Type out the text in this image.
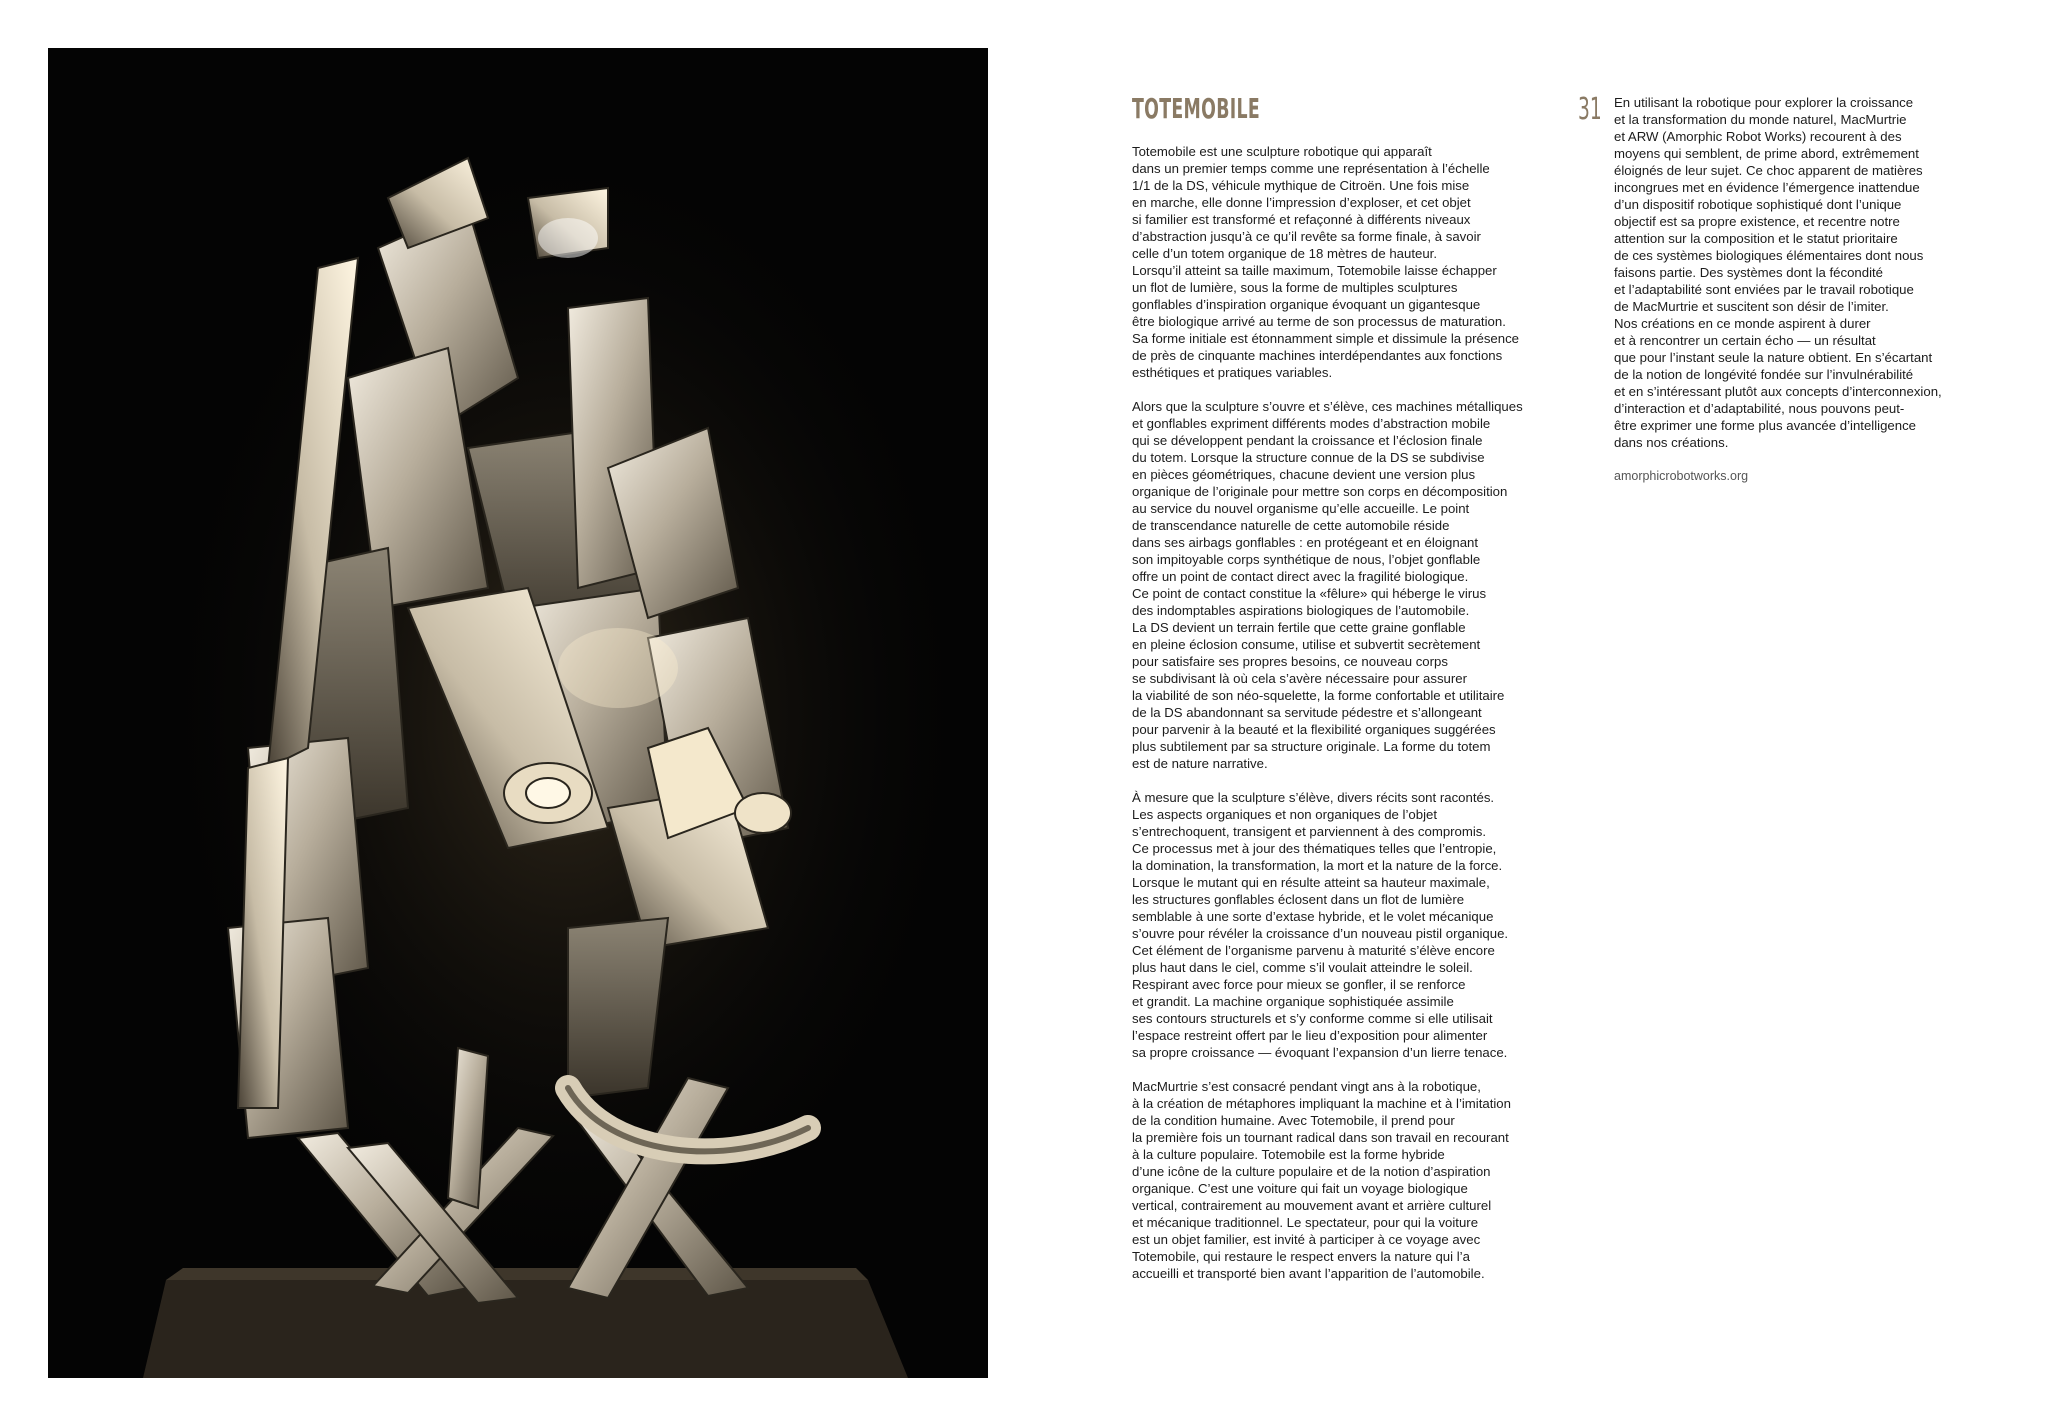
TOTEMOBILE	31

Totemobile est une sculpture robotique qui apparaît
dans un premier temps comme une représentation à l’échelle
1/1 de la DS, véhicule mythique de Citroën. Une fois mise
en marche, elle donne l’impression d’exploser, et cet objet
si familier est transformé et refaçonné à différents niveaux
d’abstraction jusqu’à ce qu’il revête sa forme finale, à savoir
celle d’un totem organique de 18 mètres de hauteur.
Lorsqu’il atteint sa taille maximum, Totemobile laisse échapper
un flot de lumière, sous la forme de multiples sculptures
gonflables d’inspiration organique évoquant un gigantesque
être biologique arrivé au terme de son processus de maturation.
Sa forme initiale est étonnamment simple et dissimule la présence
de près de cinquante machines interdépendantes aux fonctions
esthétiques et pratiques variables.

Alors que la sculpture s’ouvre et s’élève, ces machines métalliques
et gonflables expriment différents modes d’abstraction mobile
qui se développent pendant la croissance et l’éclosion finale
du totem. Lorsque la structure connue de la DS se subdivise
en pièces géométriques, chacune devient une version plus
organique de l’originale pour mettre son corps en décomposition
au service du nouvel organisme qu’elle accueille. Le point
de transcendance naturelle de cette automobile réside
dans ses airbags gonflables : en protégeant et en éloignant
son impitoyable corps synthétique de nous, l’objet gonflable
offre un point de contact direct avec la fragilité biologique.
Ce point de contact constitue la «fêlure» qui héberge le virus
des indomptables aspirations biologiques de l’automobile.
La DS devient un terrain fertile que cette graine gonflable
en pleine éclosion consume, utilise et subvertit secrètement
pour satisfaire ses propres besoins, ce nouveau corps
se subdivisant là où cela s’avère nécessaire pour assurer
la viabilité de son néo-squelette, la forme confortable et utilitaire
de la DS abandonnant sa servitude pédestre et s’allongeant
pour parvenir à la beauté et la flexibilité organiques suggérées
plus subtilement par sa structure originale. La forme du totem
est de nature narrative.

À mesure que la sculpture s’élève, divers récits sont racontés.
Les aspects organiques et non organiques de l’objet
s’entrechoquent, transigent et parviennent à des compromis.
Ce processus met à jour des thématiques telles que l’entropie,
la domination, la transformation, la mort et la nature de la force.
Lorsque le mutant qui en résulte atteint sa hauteur maximale,
les structures gonflables éclosent dans un flot de lumière
semblable à une sorte d’extase hybride, et le volet mécanique
s’ouvre pour révéler la croissance d’un nouveau pistil organique.
Cet élément de l’organisme parvenu à maturité s’élève encore
plus haut dans le ciel, comme s’il voulait atteindre le soleil.
Respirant avec force pour mieux se gonfler, il se renforce
et grandit. La machine organique sophistiquée assimile
ses contours structurels et s’y conforme comme si elle utilisait
l’espace restreint offert par le lieu d’exposition pour alimenter
sa propre croissance — évoquant l’expansion d’un lierre tenace.

MacMurtrie s’est consacré pendant vingt ans à la robotique,
à la création de métaphores impliquant la machine et à l’imitation
de la condition humaine. Avec Totemobile, il prend pour
la première fois un tournant radical dans son travail en recourant
à la culture populaire. Totemobile est la forme hybride
d’une icône de la culture populaire et de la notion d’aspiration
organique. C’est une voiture qui fait un voyage biologique
vertical, contrairement au mouvement avant et arrière culturel
et mécanique traditionnel. Le spectateur, pour qui la voiture
est un objet familier, est invité à participer à ce voyage avec
Totemobile, qui restaure le respect envers la nature qui l’a
accueilli et transporté bien avant l’apparition de l’automobile.

En utilisant la robotique pour explorer la croissance
et la transformation du monde naturel, MacMurtrie
et ARW (Amorphic Robot Works) recourent à des
moyens qui semblent, de prime abord, extrêmement
éloignés de leur sujet. Ce choc apparent de matières
incongrues met en évidence l’émergence inattendue
d’un dispositif robotique sophistiqué dont l’unique
objectif est sa propre existence, et recentre notre
attention sur la composition et le statut prioritaire
de ces systèmes biologiques élémentaires dont nous
faisons partie. Des systèmes dont la fécondité
et l’adaptabilité sont enviées par le travail robotique
de MacMurtrie et suscitent son désir de l’imiter.
Nos créations en ce monde aspirent à durer
et à rencontrer un certain écho — un résultat
que pour l’instant seule la nature obtient. En s’écartant
de la notion de longévité fondée sur l’invulnérabilité
et en s’intéressant plutôt aux concepts d’interconnexion,
d’interaction et d’adaptabilité, nous pouvons peut-
être exprimer une forme plus avancée d’intelligence
dans nos créations.

amorphicrobotworks.org
